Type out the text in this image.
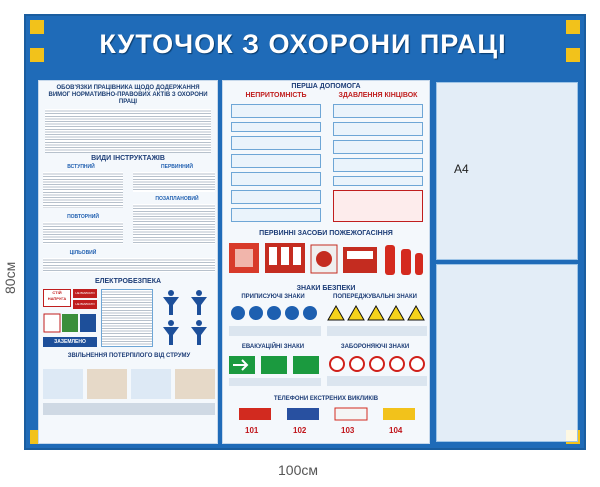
80см
100см
КУТОЧОК З ОХОРОНИ ПРАЦІ
ОБОВ'ЯЗКИ ПРАЦІВНИКА ЩОДО ДОДЕРЖАННЯ ВИМОГ НОРМАТИВНО-ПРАВОВИХ АКТІВ З ОХОРОНИ ПРАЦІ
ВИДИ ІНСТРУКТАЖІВ
ВСТУПНИЙ	ПЕРВИННИЙ
ПОЗАПЛАНОВИЙ
ПОВТОРНИЙ
ЦІЛЬОВИЙ
ЕЛЕКТРОБЕЗПЕКА
СТІЙ НАПРУГА
НЕ ВМИКАТИ
НЕ ВМИКАТИ
ЗАЗЕМЛЕНО
ЗВІЛЬНЕННЯ ПОТЕРПІЛОГО ВІД СТРУМУ
ПЕРША ДОПОМОГА
НЕПРИТОМНІСТЬ	ЗДАВЛЕННЯ КІНЦІВОК
ПЕРВИННІ ЗАСОБИ ПОЖЕЖОГАСІННЯ
ЗНАКИ БЕЗПЕКИ
ПРИПИСУЮЧІ ЗНАКИ	ПОПЕРЕДЖУВАЛЬНІ ЗНАКИ
ЕВАКУАЦІЙНІ ЗНАКИ	ЗАБОРОНЯЮЧІ ЗНАКИ
ТЕЛЕФОНИ ЕКСТРЕНИХ ВИКЛИКІВ
101	102	103	104
A4
